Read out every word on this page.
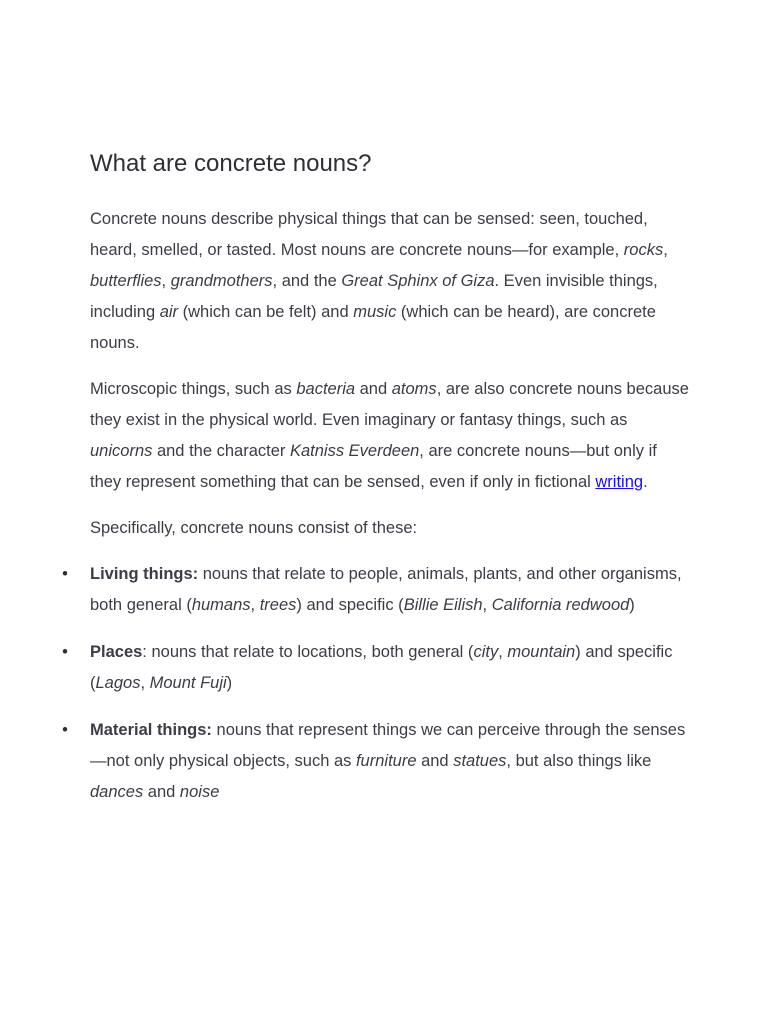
What are concrete nouns?

Concrete nouns describe physical things that can be sensed: seen, touched, heard, smelled, or tasted. Most nouns are concrete nouns—for example, rocks, butterflies, grandmothers, and the Great Sphinx of Giza. Even invisible things, including air (which can be felt) and music (which can be heard), are concrete nouns.

Microscopic things, such as bacteria and atoms, are also concrete nouns because they exist in the physical world. Even imaginary or fantasy things, such as unicorns and the character Katniss Everdeen, are concrete nouns—but only if they represent something that can be sensed, even if only in fictional writing.

Specifically, concrete nouns consist of these:

• Living things: nouns that relate to people, animals, plants, and other organisms, both general (humans, trees) and specific (Billie Eilish, California redwood)
• Places: nouns that relate to locations, both general (city, mountain) and specific (Lagos, Mount Fuji)
• Material things: nouns that represent things we can perceive through the senses—not only physical objects, such as furniture and statues, but also things like dances and noise
